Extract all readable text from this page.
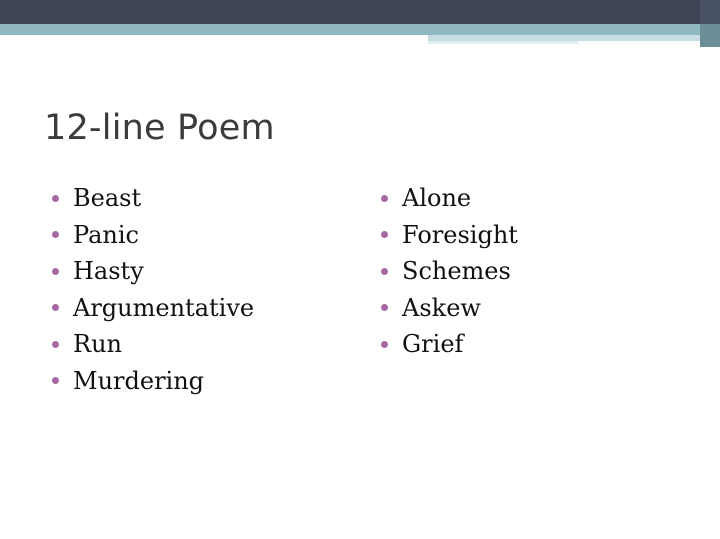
12-line Poem
Beast
Panic
Hasty
Argumentative
Run
Murdering
Alone
Foresight
Schemes
Askew
Grief
